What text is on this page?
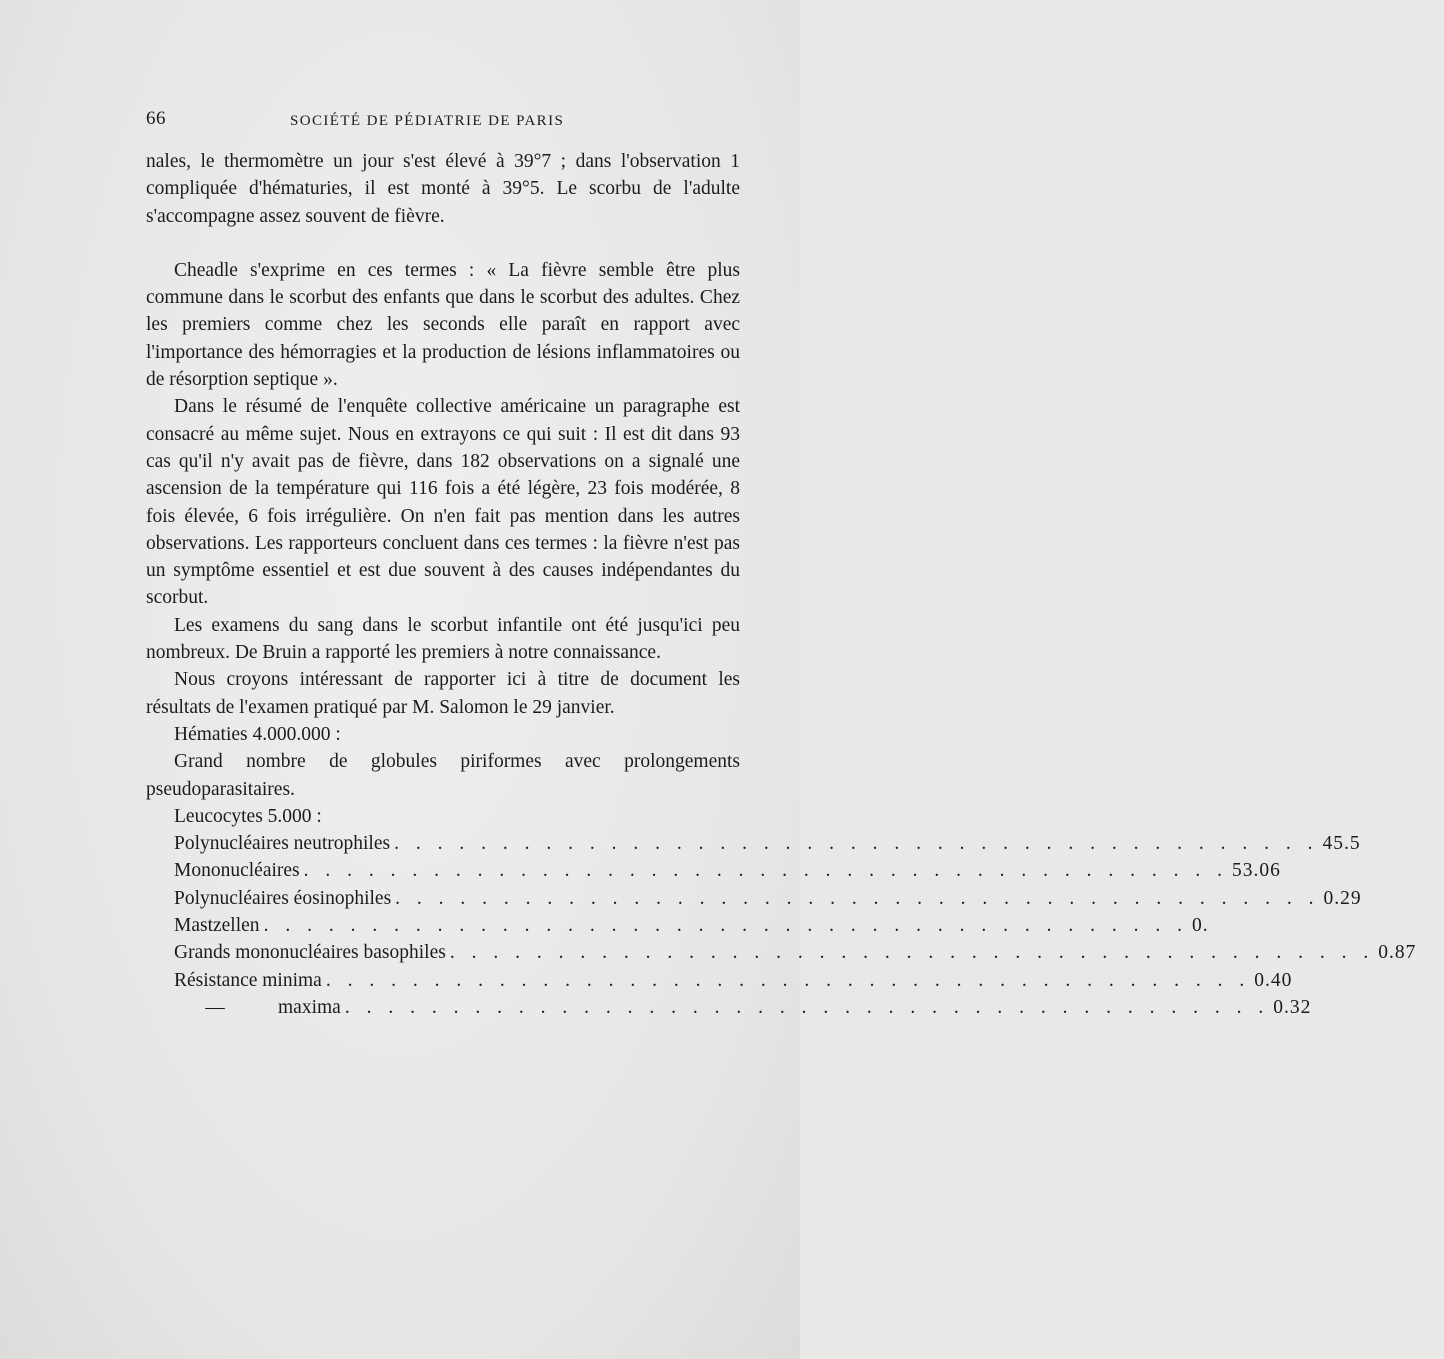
66	SOCIÉTÉ DE PÉDIATRIE DE PARIS

nales, le thermomètre un jour s'est élevé à 39°7 ; dans l'observation 1 compliquée d'hématuries, il est monté à 39°5. Le scorbu de l'adulte s'accompagne assez souvent de fièvre.

Cheadle s'exprime en ces termes : « La fièvre semble être plus commune dans le scorbut des enfants que dans le scorbut des adultes. Chez les premiers comme chez les seconds elle paraît en rapport avec l'importance des hémorragies et la production de lésions inflammatoires ou de résorption septique ».

Dans le résumé de l'enquête collective américaine un paragraphe est consacré au même sujet. Nous en extrayons ce qui suit : Il est dit dans 93 cas qu'il n'y avait pas de fièvre, dans 182 observations on a signalé une ascension de la température qui 116 fois a été légère, 23 fois modérée, 8 fois élevée, 6 fois irrégulière. On n'en fait pas mention dans les autres observations. Les rapporteurs concluent dans ces termes : la fièvre n'est pas un symptôme essentiel et est due souvent à des causes indépendantes du scorbut.

Les examens du sang dans le scorbut infantile ont été jusqu'ici peu nombreux. De Bruin a rapporté les premiers à notre connaissance.

Nous croyons intéressant de rapporter ici à titre de document les résultats de l'examen pratiqué par M. Salomon le 29 janvier.

Hématies 4.000.000 :

Grand nombre de globules piriformes avec prolongements pseudoparasitaires.

Leucocytes 5.000 :

Polynucléaires neutrophiles . . . . . . . . . . . . . . . . . . . . . . . . . . . . . . . . . . . . . . . . . . . 45.5
Mononucléaires . . . . . . . . . . . . . . . . . . . . . . . . . . . . . . . . . . . . . . . . . . . 53.06
Polynucléaires éosinophiles . . . . . . . . . . . . . . . . . . . . . . . . . . . . . . . . . . . . . . . . . . . 0.29
Mastzellen . . . . . . . . . . . . . . . . . . . . . . . . . . . . . . . . . . . . . . . . . . . 0.
Grands mononucléaires basophiles . . . . . . . . . . . . . . . . . . . . . . . . . . . . . . . . . . . . . . . . . . . 0.87
Résistance minima . . . . . . . . . . . . . . . . . . . . . . . . . . . . . . . . . . . . . . . . . . . 0.40
—	maxima . . . . . . . . . . . . . . . . . . . . . . . . . . . . . . . . . . . . . . . . . . . 0.32
